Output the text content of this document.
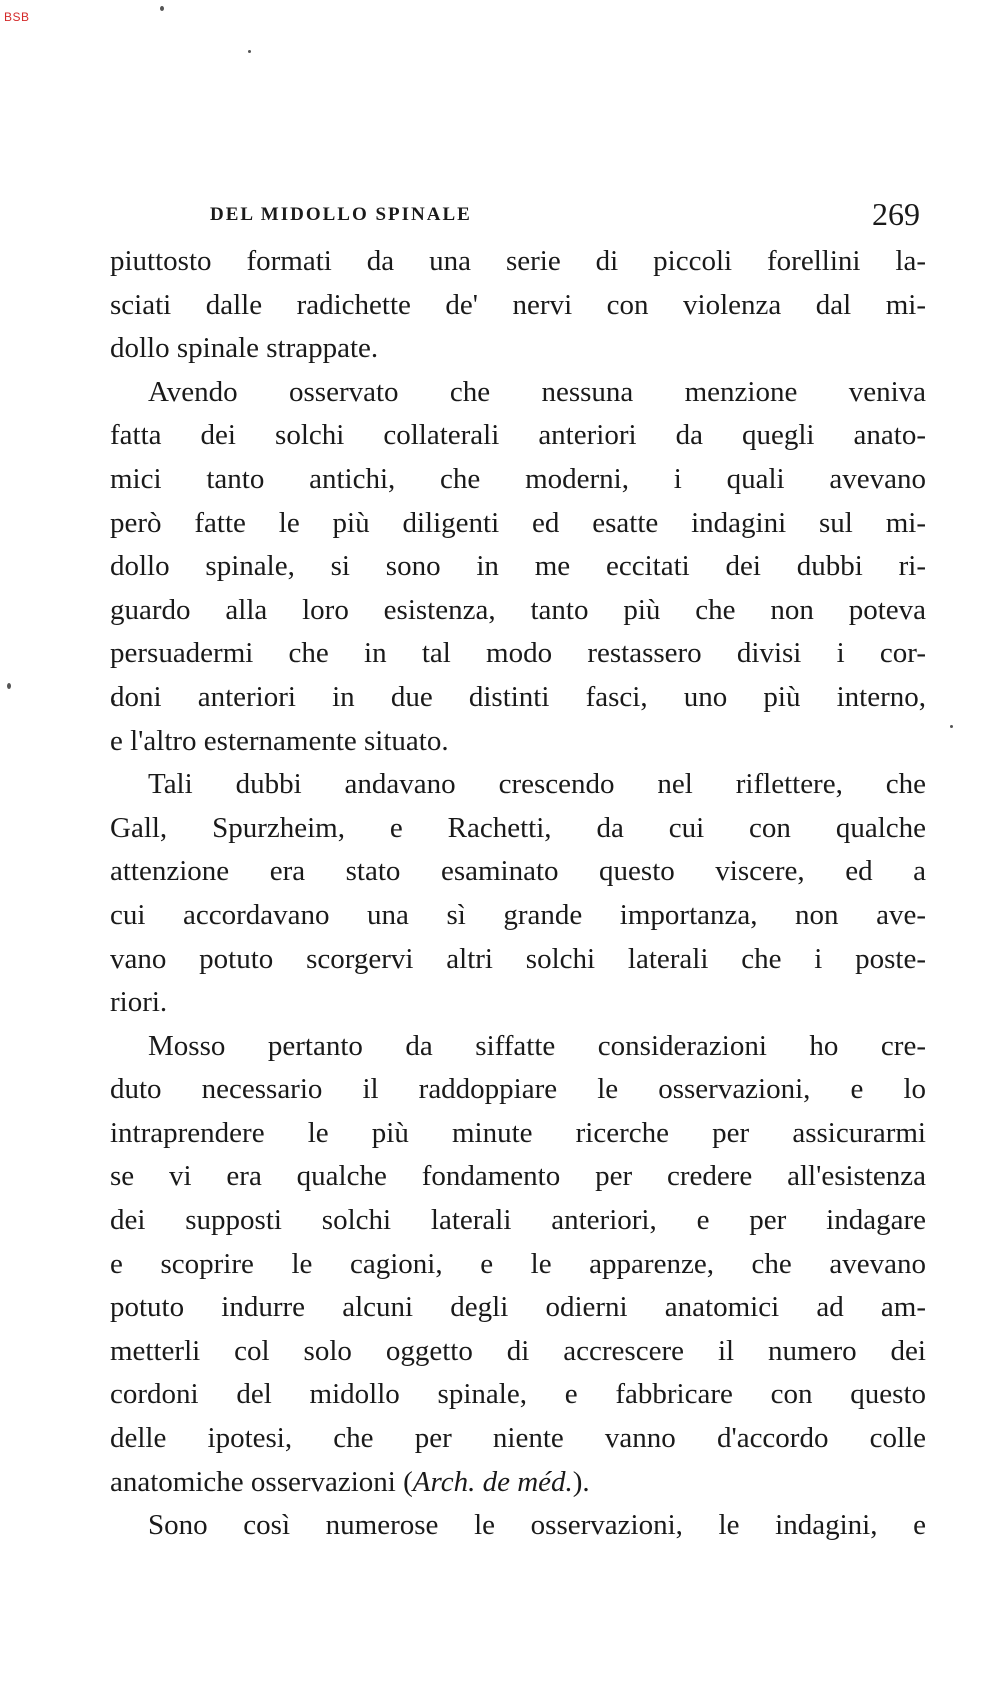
BSB
DEL MIDOLLO SPINALE	269
piuttosto formati da una serie di piccoli forellini la-
sciati dalle radichette de' nervi con violenza dal mi-
dollo spinale strappate.
Avendo osservato che nessuna menzione veniva
fatta dei solchi collaterali anteriori da quegli anato-
mici tanto antichi, che moderni, i quali avevano
però fatte le più diligenti ed esatte indagini sul mi-
dollo spinale, si sono in me eccitati dei dubbi ri-
guardo alla loro esistenza, tanto più che non poteva
persuadermi che in tal modo restassero divisi i cor-
doni anteriori in due distinti fasci, uno più interno,
e l'altro esternamente situato.
Tali dubbi andavano crescendo nel riflettere, che
Gall, Spurzheim, e Rachetti, da cui con qualche
attenzione era stato esaminato questo viscere, ed a
cui accordavano una sì grande importanza, non ave-
vano potuto scorgervi altri solchi laterali che i poste-
riori.
Mosso pertanto da siffatte considerazioni ho cre-
duto necessario il raddoppiare le osservazioni, e lo
intraprendere le più minute ricerche per assicurarmi
se vi era qualche fondamento per credere all'esistenza
dei supposti solchi laterali anteriori, e per indagare
e scoprire le cagioni, e le apparenze, che avevano
potuto indurre alcuni degli odierni anatomici ad am-
metterli col solo oggetto di accrescere il numero dei
cordoni del midollo spinale, e fabbricare con questo
delle ipotesi, che per niente vanno d'accordo colle
anatomiche osservazioni (Arch. de méd.).
Sono così numerose le osservazioni, le indagini, e
